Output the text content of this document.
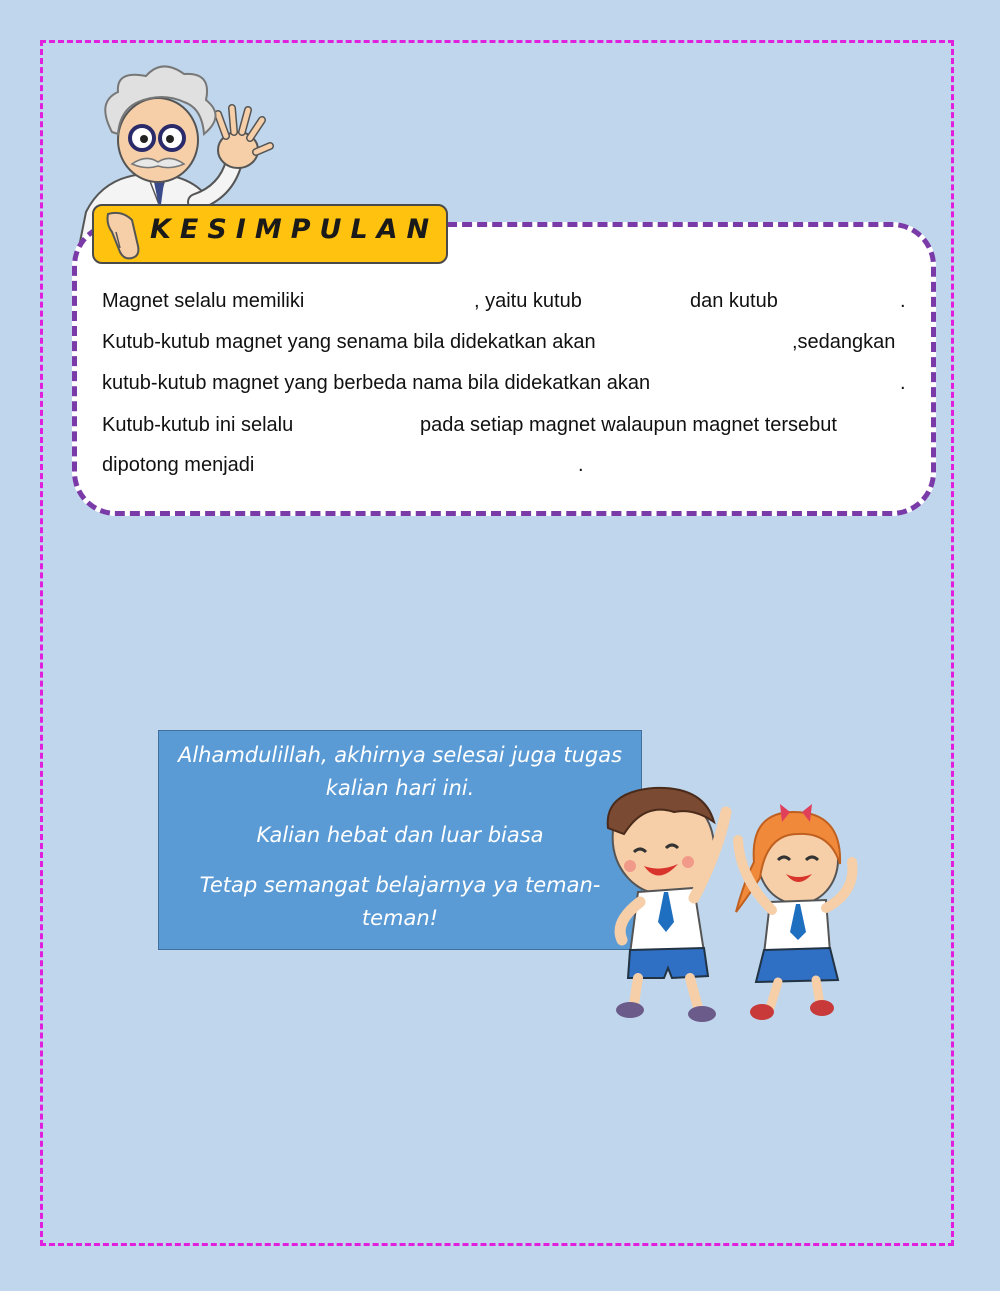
KESIMPULAN
Magnet selalu memiliki	, yaitu kutub	dan kutub	.
Kutub-kutub magnet yang senama bila didekatkan akan	,sedangkan
kutub-kutub magnet yang berbeda nama bila didekatkan akan	.
Kutub-kutub ini selalu	pada setiap magnet walaupun magnet tersebut
dipotong menjadi	.

Alhamdulillah, akhirnya selesai juga tugas kalian hari ini.

Kalian hebat dan luar biasa

Tetap semangat belajarnya ya teman-teman!
